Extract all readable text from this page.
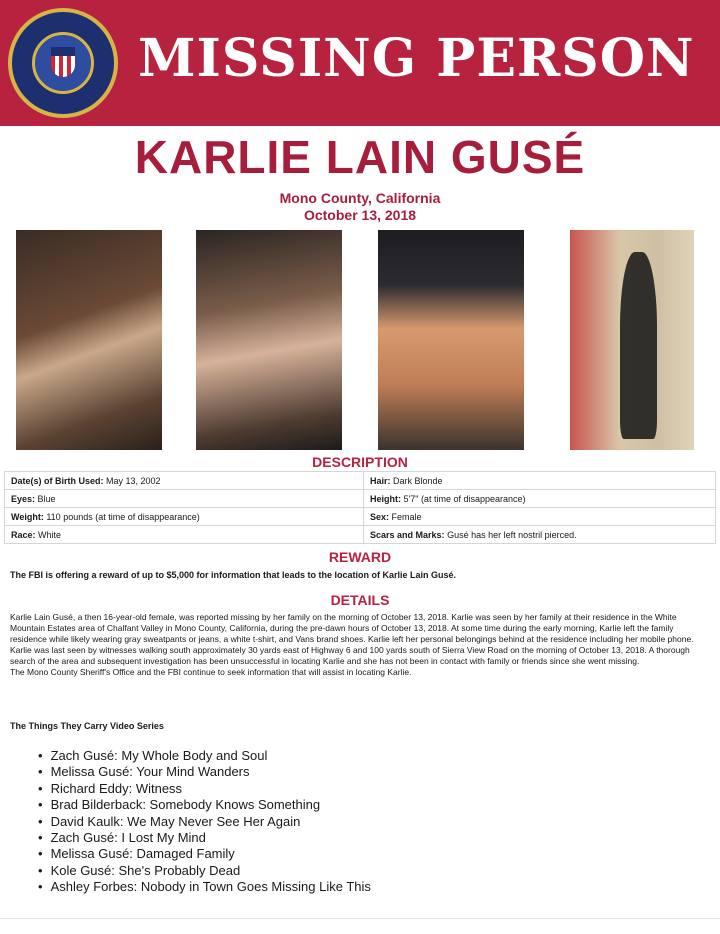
MISSING PERSON
KARLIE LAIN GUSÉ
Mono County, California
October 13, 2018
DESCRIPTION
Date(s) of Birth Used: May 13, 2002	Hair: Dark Blonde
Eyes: Blue	Height: 5'7" (at time of disappearance)
Weight: 110 pounds (at time of disappearance)	Sex: Female
Race: White	Scars and Marks: Gusé has her left nostril pierced.
REWARD
The FBI is offering a reward of up to $5,000 for information that leads to the location of Karlie Lain Gusé.
DETAILS

Karlie Lain Gusé, a then 16-year-old female, was reported missing by her family on the morning of October 13, 2018. Karlie was seen by her family at their residence in the White Mountain Estates area of Chalfant Valley in Mono County, California, during the pre-dawn hours of October 13, 2018. At some time during the early morning, Karlie left the family residence while likely wearing gray sweatpants or jeans, a white t-shirt, and Vans brand shoes. Karlie left her personal belongings behind at the residence including her mobile phone.

Karlie was last seen by witnesses walking south approximately 30 yards east of Highway 6 and 100 yards south of Sierra View Road on the morning of October 13, 2018. A thorough search of the area and subsequent investigation has been unsuccessful in locating Karlie and she has not been in contact with family or friends since she went missing.

The Mono County Sheriff's Office and the FBI continue to seek information that will assist in locating Karlie.

The Things They Carry Video Series
• Zach Gusé: My Whole Body and Soul
• Melissa Gusé: Your Mind Wanders
• Richard Eddy: Witness
• Brad Bilderback: Somebody Knows Something
• David Kaulk: We May Never See Her Again
• Zach Gusé: I Lost My Mind
• Melissa Gusé: Damaged Family
• Kole Gusé: She's Probably Dead
• Ashley Forbes: Nobody in Town Goes Missing Like This
